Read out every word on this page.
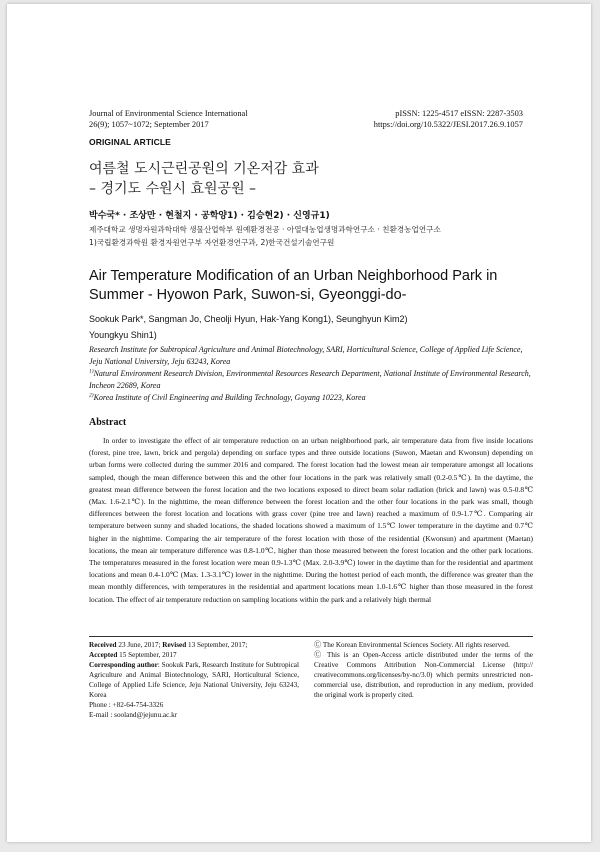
Journal of Environmental Science International
26(9); 1057~1072; September 2017
pISSN: 1225-4517 eISSN: 2287-3503
https://doi.org/10.5322/JESI.2017.26.9.1057
ORIGINAL ARTICLE
여름철 도시근린공원의 기온저감 효과
– 경기도 수원시 효원공원 –
박수국* · 조상만 · 현철지 · 공학양1) · 김승현2) · 신영규1)
제주대학교 생명자원과학대학 생물산업학부 원예환경전공 · 아열대농업생명과학연구소 · 친환경농업연구소
1)국립환경과학원 환경자원연구부 자연환경연구과, 2)한국건설기술연구원
Air Temperature Modification of an Urban Neighborhood Park in Summer - Hyowon Park, Suwon-si, Gyeonggi-do-
Sookuk Park*, Sangman Jo, Cheolji Hyun, Hak-Yang Kong1), Seunghyun Kim2)
Youngkyu Shin1)

Research Institute for Subtropical Agriculture and Animal Biotechnology, SARI, Horticultural Science, College of Applied Life Science, Jeju National University, Jeju 63243, Korea

$^{1)}$Natural Environment Research Division, Environmental Resources Research Department, National Institute of Environmental Research, Incheon 22689, Korea

$^{2)}$Korea Institute of Civil Engineering and Building Technology, Goyang 10223, Korea

Abstract
In order to investigate the effect of air temperature reduction on an urban neighborhood park, air temperature data from five inside locations (forest, pine tree, lawn, brick and pergola) depending on surface types and three outside locations (Suwon, Maetan and Kwonsun) depending on urban forms were collected during the summer 2016 and compared. The forest location had the lowest mean air temperature amongst all locations sampled, though the mean difference between this and the other four locations in the park was relatively small (0.2-0.5℃). In the daytime, the greatest mean difference between the forest location and the two locations exposed to direct beam solar radiation (brick and lawn) was 0.5-0.8℃ (Max. 1.6-2.1℃). In the nighttime, the mean difference between the forest location and the other four locations in the park was small, though differences between the forest location and locations with grass cover (pine tree and lawn) reached a maximum of 0.9-1.7℃. Comparing air temperature between sunny and shaded locations, the shaded locations showed a maximum of 1.5℃ lower temperature in the daytime and 0.7℃ higher in the nighttime. Comparing the air temperature of the forest location with those of the residential (Kwonsun) and apartment (Maetan) locations, the mean air temperature difference was 0.8-1.0℃, higher than those measured between the forest location and the other park locations. The temperatures measured in the forest location were mean 0.9-1.3℃ (Max. 2.0-3.9℃) lower in the daytime than for the residential and apartment locations and mean 0.4-1.0℃ (Max. 1.3-3.1℃) lower in the nighttime. During the hottest period of each month, the difference was greater than the mean monthly differences, with temperatures in the residential and apartment locations mean 1.0-1.6℃ higher than those measured in the forest location. The effect of air temperature reduction on sampling locations within the park and a relatively high thermal
Received 23 June, 2017; Revised 13 September, 2017;
Accepted 15 September, 2017
Corresponding author: Sookuk Park, Research Institute for Subtropical Agriculture and Animal Biotechnology, SARI, Horticultural Science, College of Applied Life Science, Jeju National University, Jeju 63243, Korea
Phone : +82-64-754-3326
E-mail : sooland@jejunu.ac.kr

Ⓒ The Korean Environmental Sciences Society. All rights reserved.

Ⓒ This is an Open-Access article distributed under the terms of the Creative Commons Attribution Non-Commercial License (http:// creativecommons.org/licenses/by-nc/3.0) which permits unrestricted non-commercial use, distribution, and reproduction in any medium, provided the original work is properly cited.
